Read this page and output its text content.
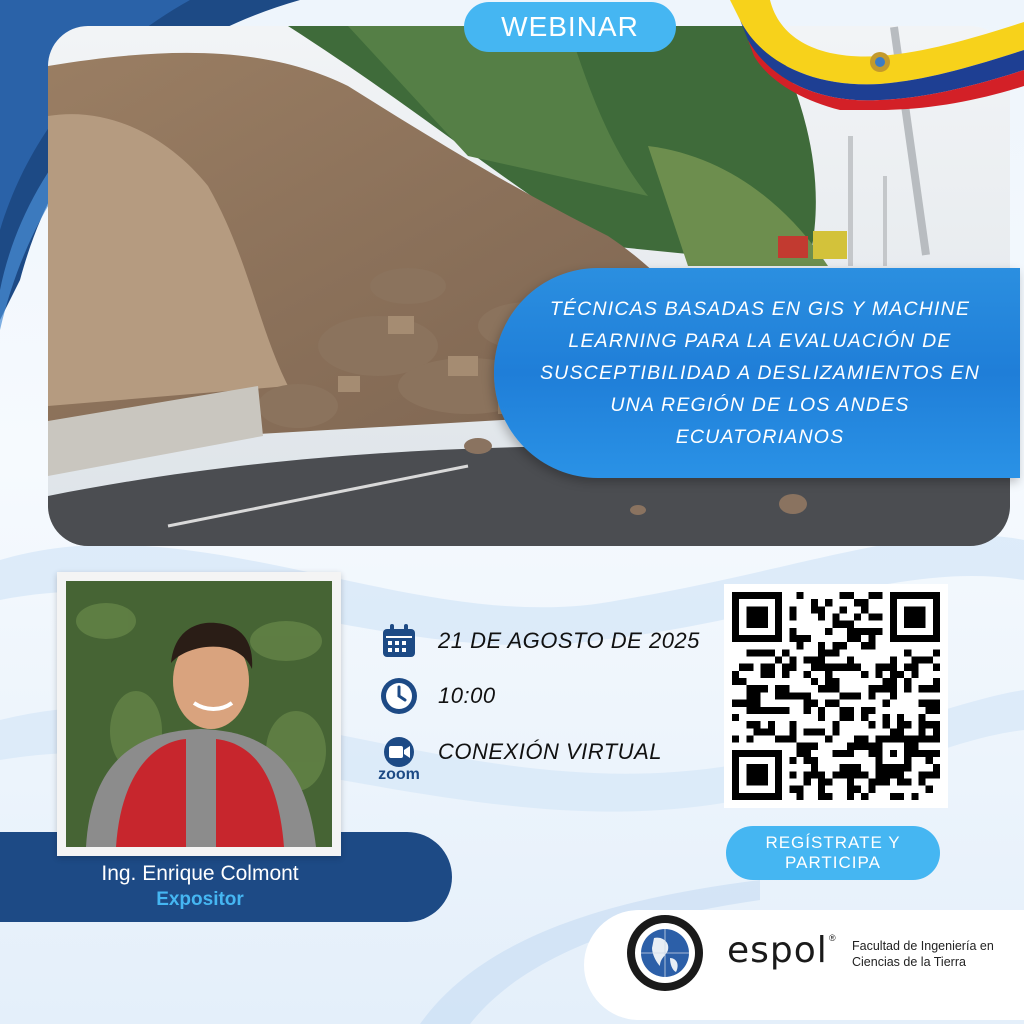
WEBINAR
TÉCNICAS BASADAS EN GIS Y MACHINE LEARNING PARA LA EVALUACIÓN DE SUSCEPTIBILIDAD A DESLIZAMIENTOS EN UNA REGIÓN DE LOS ANDES ECUATORIANOS
Ing. Enrique Colmont
Expositor
21 DE AGOSTO DE 2025
10:00
CONEXIÓN VIRTUAL
zoom
REGÍSTRATE Y
PARTICIPA
espol ®
Facultad de Ingeniería en
Ciencias de la Tierra
